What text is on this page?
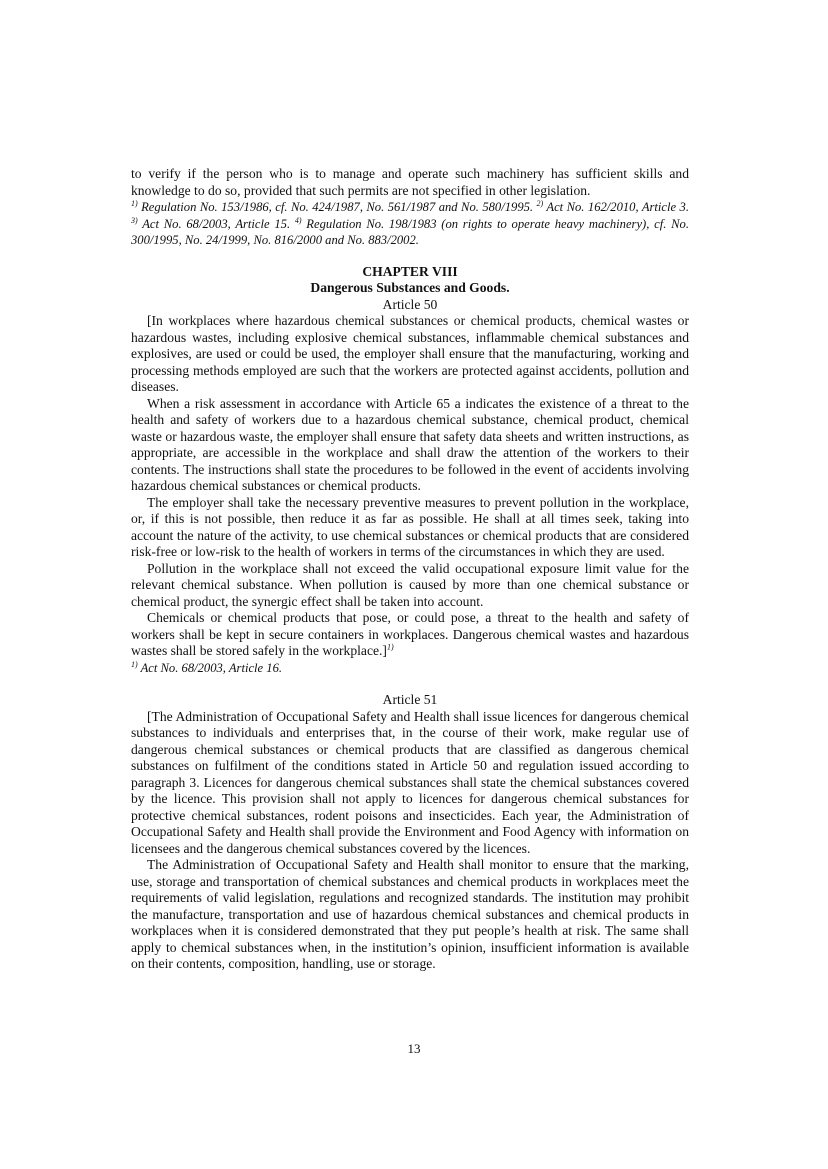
to verify if the person who is to manage and operate such machinery has sufficient skills and knowledge to do so, provided that such permits are not specified in other legislation.

$^{1)}$ Regulation No. 153/1986, cf. No. 424/1987, No. 561/1987 and No. 580/1995. $^{2)}$ Act No. 162/2010, Article 3. $^{3)}$ Act No. 68/2003, Article 15. $^{4)}$ Regulation No. 198/1983 (on rights to operate heavy machinery), cf. No. 300/1995, No. 24/1999, No. 816/2000 and No. 883/2002.

CHAPTER VIII

Dangerous Substances and Goods.

Article 50

[In workplaces where hazardous chemical substances or chemical products, chemical wastes or hazardous wastes, including explosive chemical substances, inflammable chemical substances and explosives, are used or could be used, the employer shall ensure that the manufacturing, working and processing methods employed are such that the workers are protected against accidents, pollution and diseases.

When a risk assessment in accordance with Article 65 a indicates the existence of a threat to the health and safety of workers due to a hazardous chemical substance, chemical product, chemical waste or hazardous waste, the employer shall ensure that safety data sheets and written instructions, as appropriate, are accessible in the workplace and shall draw the attention of the workers to their contents. The instructions shall state the procedures to be followed in the event of accidents involving hazardous chemical substances or chemical products.

The employer shall take the necessary preventive measures to prevent pollution in the workplace, or, if this is not possible, then reduce it as far as possible. He shall at all times seek, taking into account the nature of the activity, to use chemical substances or chemical products that are considered risk-free or low-risk to the health of workers in terms of the circumstances in which they are used.

Pollution in the workplace shall not exceed the valid occupational exposure limit value for the relevant chemical substance. When pollution is caused by more than one chemical substance or chemical product, the synergic effect shall be taken into account.

Chemicals or chemical products that pose, or could pose, a threat to the health and safety of workers shall be kept in secure containers in workplaces. Dangerous chemical wastes and hazardous wastes shall be stored safely in the workplace.]$^{1)}$

$^{1)}$ Act No. 68/2003, Article 16.

Article 51

[The Administration of Occupational Safety and Health shall issue licences for dangerous chemical substances to individuals and enterprises that, in the course of their work, make regular use of dangerous chemical substances or chemical products that are classified as dangerous chemical substances on fulfilment of the conditions stated in Article 50 and regulation issued according to paragraph 3. Licences for dangerous chemical substances shall state the chemical substances covered by the licence. This provision shall not apply to licences for dangerous chemical substances for protective chemical substances, rodent poisons and insecticides. Each year, the Administration of Occupational Safety and Health shall provide the Environment and Food Agency with information on licensees and the dangerous chemical substances covered by the licences.

The Administration of Occupational Safety and Health shall monitor to ensure that the marking, use, storage and transportation of chemical substances and chemical products in workplaces meet the requirements of valid legislation, regulations and recognized standards. The institution may prohibit the manufacture, transportation and use of hazardous chemical substances and chemical products in workplaces when it is considered demonstrated that they put people’s health at risk. The same shall apply to chemical substances when, in the institution’s opinion, insufficient information is available on their contents, composition, handling, use or storage.

13
